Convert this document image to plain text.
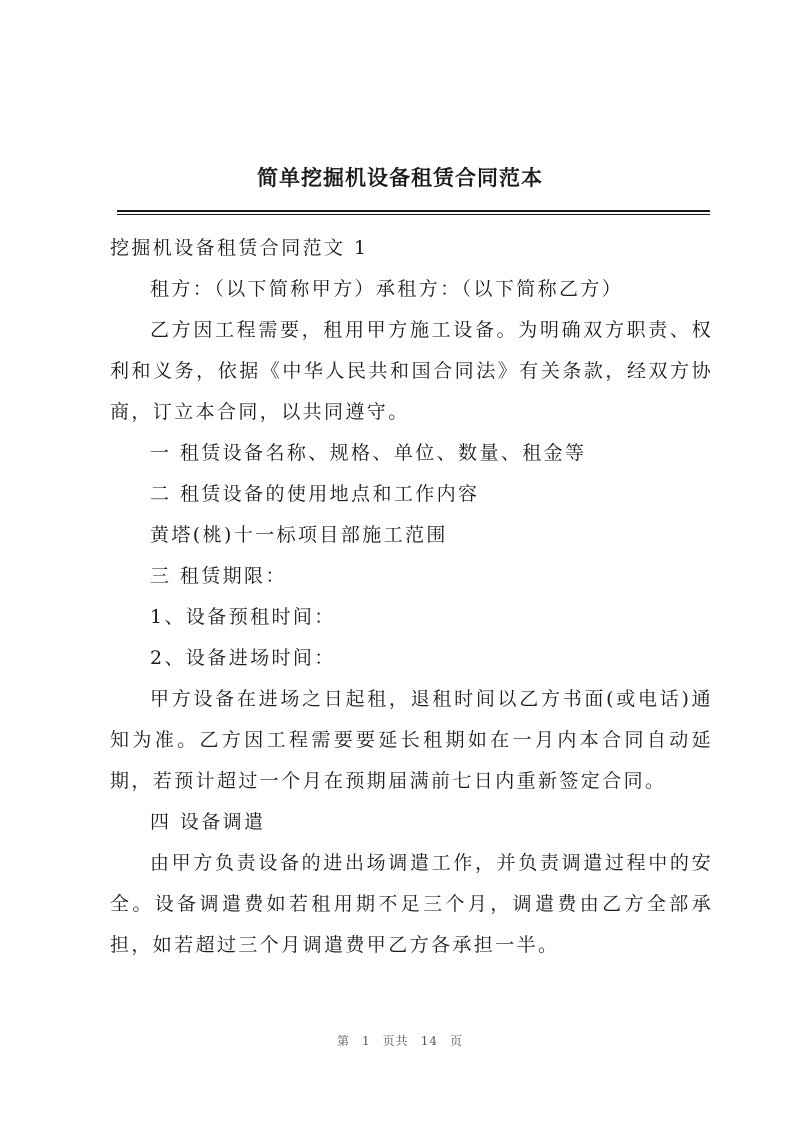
简单挖掘机设备租赁合同范本

挖掘机设备租赁合同范文 1

租方：（以下简称甲方）承租方：（以下简称乙方）

乙方因工程需要，租用甲方施工设备。为明确双方职责、权利和义务，依据《中华人民共和国合同法》有关条款，经双方协商，订立本合同，以共同遵守。

一 租赁设备名称、规格、单位、数量、租金等

二 租赁设备的使用地点和工作内容

黄塔(桃)十一标项目部施工范围

三 租赁期限：

1、设备预租时间：

2、设备进场时间：

甲方设备在进场之日起租，退租时间以乙方书面(或电话)通知为准。乙方因工程需要要延长租期如在一月内本合同自动延期，若预计超过一个月在预期届满前七日内重新签定合同。

四 设备调遣

由甲方负责设备的进出场调遣工作，并负责调遣过程中的安全。设备调遣费如若租用期不足三个月，调遣费由乙方全部承担，如若超过三个月调遣费甲乙方各承担一半。

第 1 页共 14 页
